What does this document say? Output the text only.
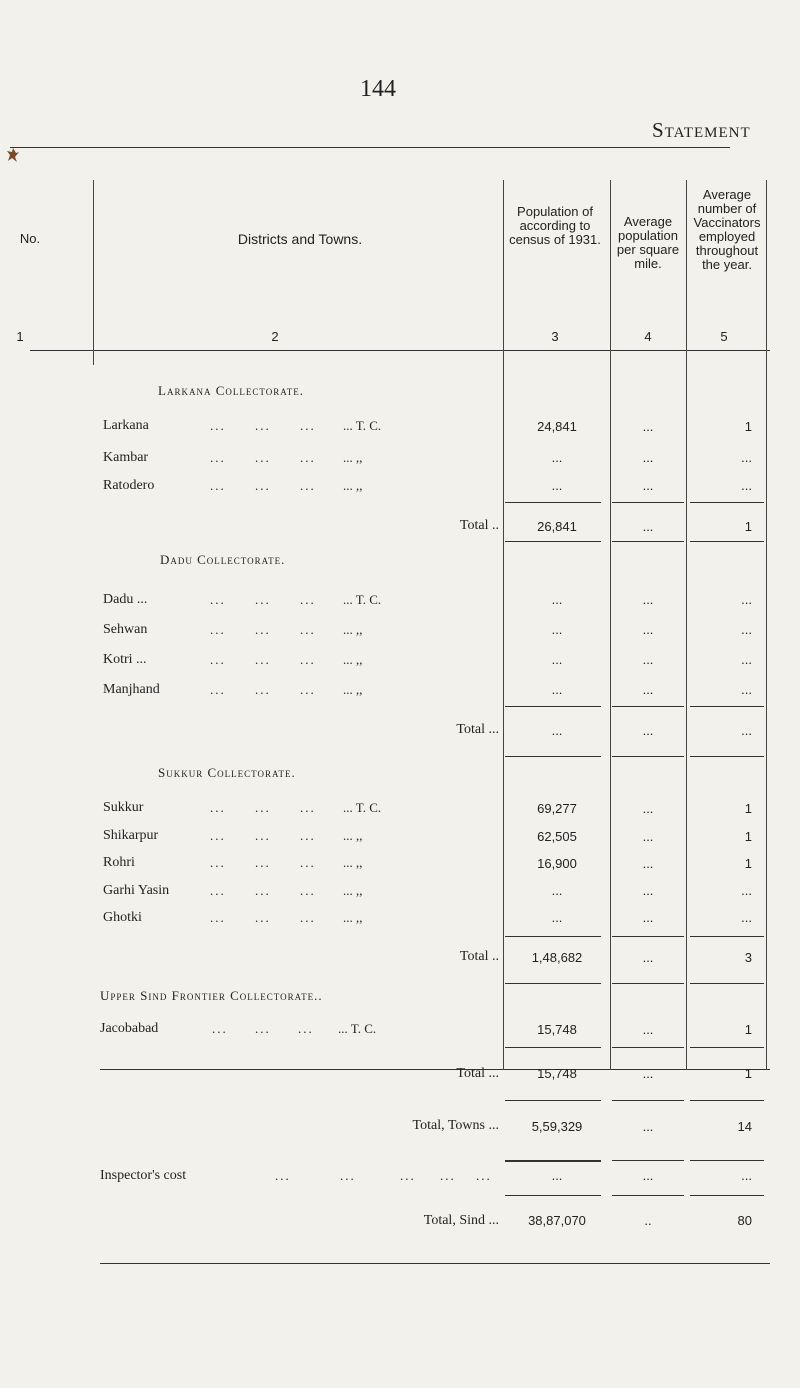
144
Statement
No.	Districts and Towns.
Population of according to census of 1931.
Average population per square mile.
Average number of Vaccinators employed throughout the year.
1	2	3	4	5
Larkana Collectorate.
Larkana	... ... ... ... T. C.	24,841	...	1
Kambar	... ... ... ... ,,	...	...	...
Ratodero	... ... ... ... ,,	...	...	...
Total ..	26,841	...	1
Dadu Collectorate.
Dadu ...	... ... ... ... T. C.	...	...	...
Sehwan	... ... ... ... ,,	...	...	...
Kotri ...	... ... ... ... ,,	...	...	...
Manjhand	... ... ... ... ,,	...	...	...
Total ...	...	...	...
Sukkur Collectorate.
Sukkur	... ... ... ... T. C.	69,277	...	1
Shikarpur	... ... ... ... ,,	62,505	...	1
Rohri	... ... ... ... ,,	16,900	...	1
Garhi Yasin	... ... ... ... ,,	...	...	...
Ghotki	... ... ... ... ,,	...	...	...
Total ..	1,48,682	...	3
Upper Sind Frontier Collectorate..
Jacobabad	... ... ... ... T. C.	15,748	...	1
Total ...	15,748	...	1
Total, Towns ...	5,59,329	...	14
Inspector's cost	...	...	... ... ...	...	...	...
Total, Sind ...	38,87,070	..	80
